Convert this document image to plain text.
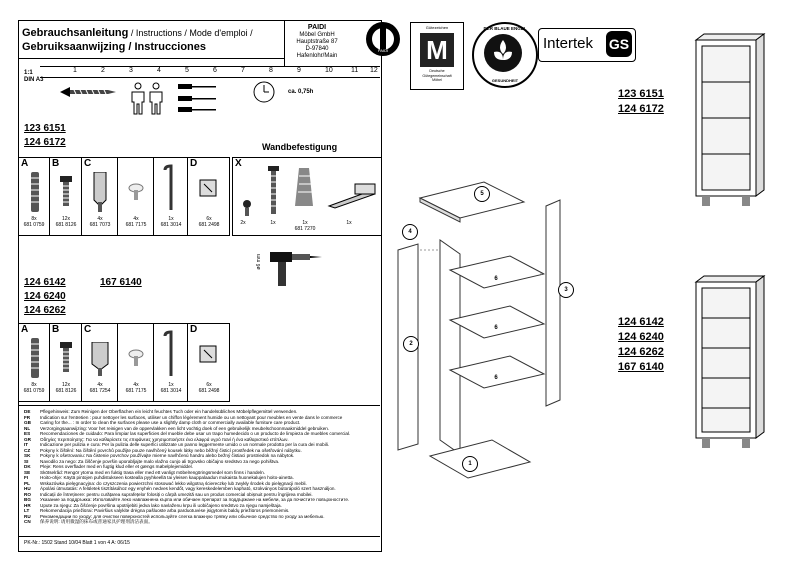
Gebrauchsanleitung / Instructions / Mode d'emploi /
Gebruiksaanwijzing / Instrucciones
PAIDI
Möbel GmbH
Hauptstraße 87
D-97840 Hafenlohr/Main
PAIDI
Gütezeichen
M
Deutsche
Gütegemeinschaft
Möbel
DER BLAUE ENGEL
GESUNDHEIT
Intertek GS
1:1
DIN A3
1	2	3	4	5	6	7	8	9	10	11 12
ca. 0,75h
123 6151
124 6172
A
8x
681 0759
B
12x
681 8126
C
4x
681 7073
4x
681 7175
1x
681 3014
D
6x
681 2498
Wandbefestigung
X
2x	1x	1x
681 7270
1x
ø6 mm
124 6142
124 6240
124 6262
167 6140
A
8x
681 0759
B
12x
681 8126
C
4x
681 7254
4x
681 7175
1x
681 3014
D
6x
681 2498
DE Pflegehinweis: Zum Reinigen der Oberflächen ein leicht feuchtes Tuch oder ein handelsübliches Möbelpflegemittel verwenden.
FR Indication sur l'entretien : pour nettoyer les surfaces, utiliser un chiffon légèrement humide ou un nettoyant pour meubles en vente dans le commerce
GB Caring for the... : In order to clean the surfaces please use a slightly damp cloth or commercially available furniture care product.
NL Verzorgingsaanwijzing: Voor het reinigen van de oppervlakken een licht vochtig doek of een gebruikelijk meubelschoonmaakmiddel gebruiken.
ES Recomendaciones de cuidado: Para limpiar las superficies del mueble debe usar un trapo humedecido o un producto de limpieza de muebles comercial.
GR Οδηγίες περιποίησης: Για να καθαρίσετε τις επιφάνειες χρησιμοποιήστε ένα ελαφρά υγρό πανί ή ένα καθαριστικό επίπλων.
IT	Indicazione per pulizia e cura: Per la pulizia delle superfici utilizzate un panno leggermente umido o un normale prodotto per la cura dei mobili.
CZ Pokyny k čištění: Na čištění povrchů použijte pouze navlhčený kousek látky nebo běžný čisticí prostředek na ošetřování nábytku.
SK Pokyny k ošetrovaniu: Na čistenie povrchov používajte mierne navlhčenú handru alebo bežný čistiaci prostriedok na nábytok.
SI	Navodilo za nego: Za čiščenje površin uporabljajte malo vlažno cunjo ali trgovsko običajno sredstvo za nego pohištva.
DK Pleje: Rens overflader med en fugtig klud eller et gængs møbelplejemiddel.
SE Skötselråd: Rengör ytorna med en fuktig trasa eller med ett vanligt möbelrengöringsmedel som finns i handeln.
FI	Hoito-ohje: Käytä pintojen puhdistukseen kostealla pyyhkeellä tai yleisen kauppalaadun mukaista huonekalujen hoito-ainetta.
PL Wskazówka pielęgnacyjna: do czyszczenia powierzchni stosować lekko wilgotną ściereczkę lub zwykły środek do pielęgnacji mebli.
HU Ápolási útmutatás: A felületek tisztításához egy enyhén nedves kendőt, vagy kereskedelemben kapható, szokványos bútorápoló szert használjon.
RO Indicații de întreținere: pentru curățarea suprafețelor folosiți o cârpă umezită sau un produs comercial obișnuit pentru îngrijirea mobilei.
BG Указание за поддръжка: Използвайте леко навлажнена кърпа или обичаен препарат за поддържане на мебели, за да почистите повърхностите.
HR Upute za njegu: Za čišćenje površina upotrijebiti jedva lako navlaženu krpu ili uobičajeno sredstvo za njegu namještaja.
LT Rekomendacija priežiūrai: Paviršius valykite drėgna pašluoste arba parduotuvėse įsigytomis baldų priežiūros priemonėmis.
RU Рекомендации по уходу: для очистки поверхностей используйте слегка влажную тряпку или обычное средство по уходу за мебелью.
CN 保养说明: 请用微湿的抹布或普通家具护理剂清洁表面。
PK-Nr.: 1502 Stand 10/04 Blatt 1 von 4 A: 06/15
5
4
2
3
6
6
6
1
123 6151
124 6172
124 6142
124 6240
124 6262
167 6140
